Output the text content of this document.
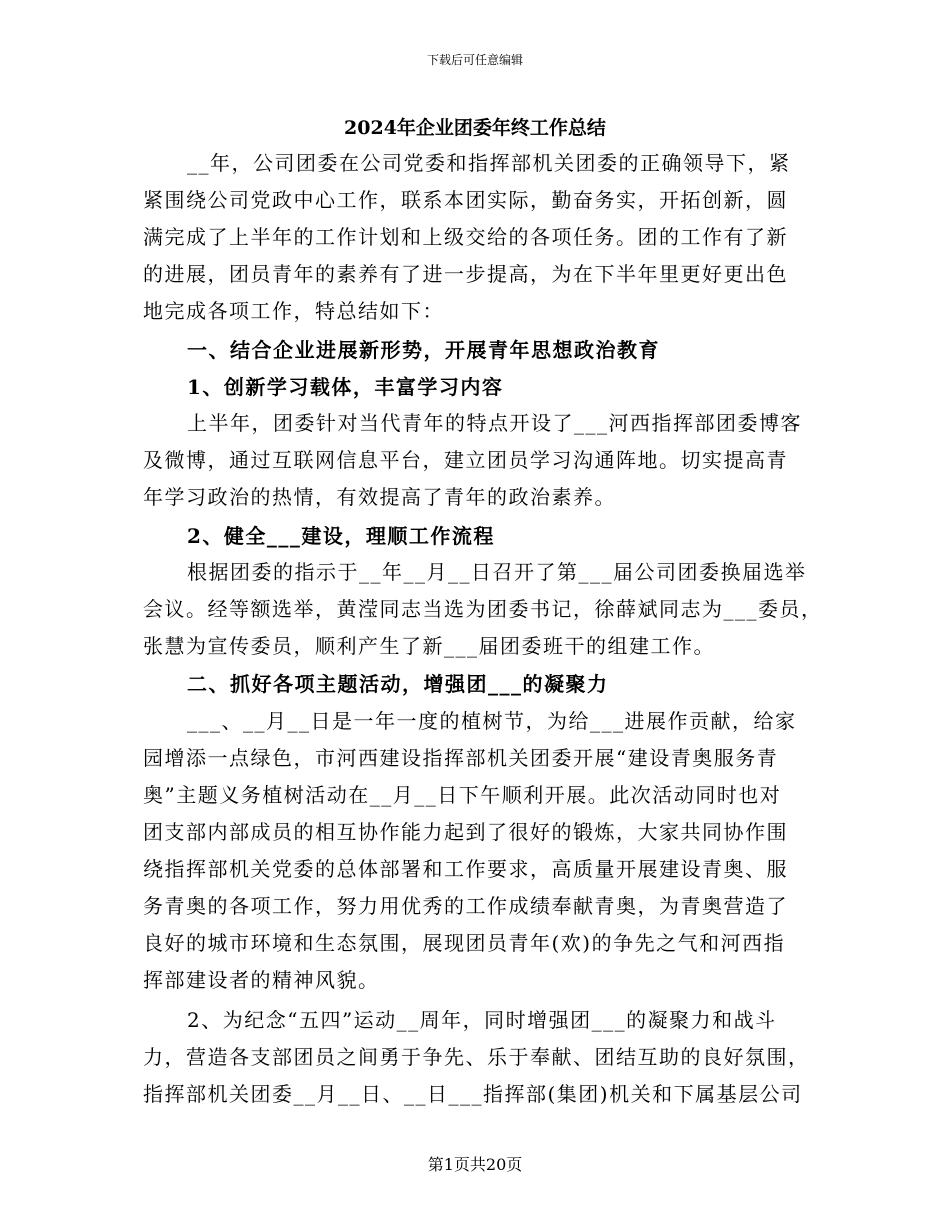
下载后可任意编辑
2024年企业团委年终工作总结
__年，公司团委在公司党委和指挥部机关团委的正确领导下，紧
紧围绕公司党政中心工作，联系本团实际，勤奋务实，开拓创新，圆
满完成了上半年的工作计划和上级交给的各项任务。团的工作有了新
的进展，团员青年的素养有了进一步提高，为在下半年里更好更出色
地完成各项工作，特总结如下：
一、结合企业进展新形势，开展青年思想政治教育
1、创新学习载体，丰富学习内容
上半年，团委针对当代青年的特点开设了___河西指挥部团委博客
及微博，通过互联网信息平台，建立团员学习沟通阵地。切实提高青
年学习政治的热情，有效提高了青年的政治素养。
2、健全___建设，理顺工作流程
根据团委的指示于__年__月__日召开了第___届公司团委换届选举
会议。经等额选举，黄滢同志当选为团委书记，徐薛斌同志为___委员，
张慧为宣传委员，顺利产生了新___届团委班干的组建工作。
二、抓好各项主题活动，增强团___的凝聚力
___、__月__日是一年一度的植树节，为给___进展作贡献，给家
园增添一点绿色，市河西建设指挥部机关团委开展“建设青奥服务青
奥”主题义务植树活动在__月__日下午顺利开展。此次活动同时也对
团支部内部成员的相互协作能力起到了很好的锻炼，大家共同协作围
绕指挥部机关党委的总体部署和工作要求，高质量开展建设青奥、服
务青奥的各项工作，努力用优秀的工作成绩奉献青奥，为青奥营造了
良好的城市环境和生态氛围，展现团员青年(欢)的争先之气和河西指
挥部建设者的精神风貌。
2、为纪念“五四”运动__周年，同时增强团___的凝聚力和战斗
力，营造各支部团员之间勇于争先、乐于奉献、团结互助的良好氛围，
指挥部机关团委__月__日、__日___指挥部(集团)机关和下属基层公司
第1页共20页
